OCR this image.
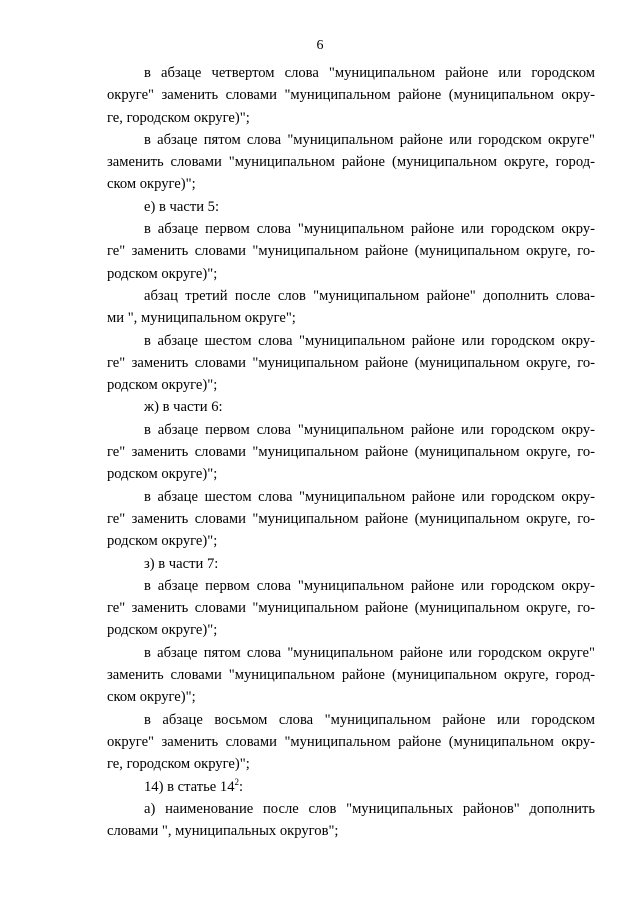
6
в абзаце четвертом слова "муниципальном районе или городском
округе" заменить словами "муниципальном районе (муниципальном окру-
ге, городском округе)";
в абзаце пятом слова "муниципальном районе или городском округе"
заменить словами "муниципальном районе (муниципальном округе, город-
ском округе)";
е) в части 5:
в абзаце первом слова "муниципальном районе или городском окру-
ге" заменить словами "муниципальном районе (муниципальном округе, го-
родском округе)";
абзац третий после слов "муниципальном районе" дополнить слова-
ми ", муниципальном округе";
в абзаце шестом слова "муниципальном районе или городском окру-
ге" заменить словами "муниципальном районе (муниципальном округе, го-
родском округе)";
ж) в части 6:
в абзаце первом слова "муниципальном районе или городском окру-
ге" заменить словами "муниципальном районе (муниципальном округе, го-
родском округе)";
в абзаце шестом слова "муниципальном районе или городском окру-
ге" заменить словами "муниципальном районе (муниципальном округе, го-
родском округе)";
з) в части 7:
в абзаце первом слова "муниципальном районе или городском окру-
ге" заменить словами "муниципальном районе (муниципальном округе, го-
родском округе)";
в абзаце пятом слова "муниципальном районе или городском округе"
заменить словами "муниципальном районе (муниципальном округе, город-
ском округе)";
в абзаце восьмом слова "муниципальном районе или городском
округе" заменить словами "муниципальном районе (муниципальном окру-
ге, городском округе)";
14) в статье $14^2$:
а) наименование после слов "муниципальных районов" дополнить
словами ", муниципальных округов";
